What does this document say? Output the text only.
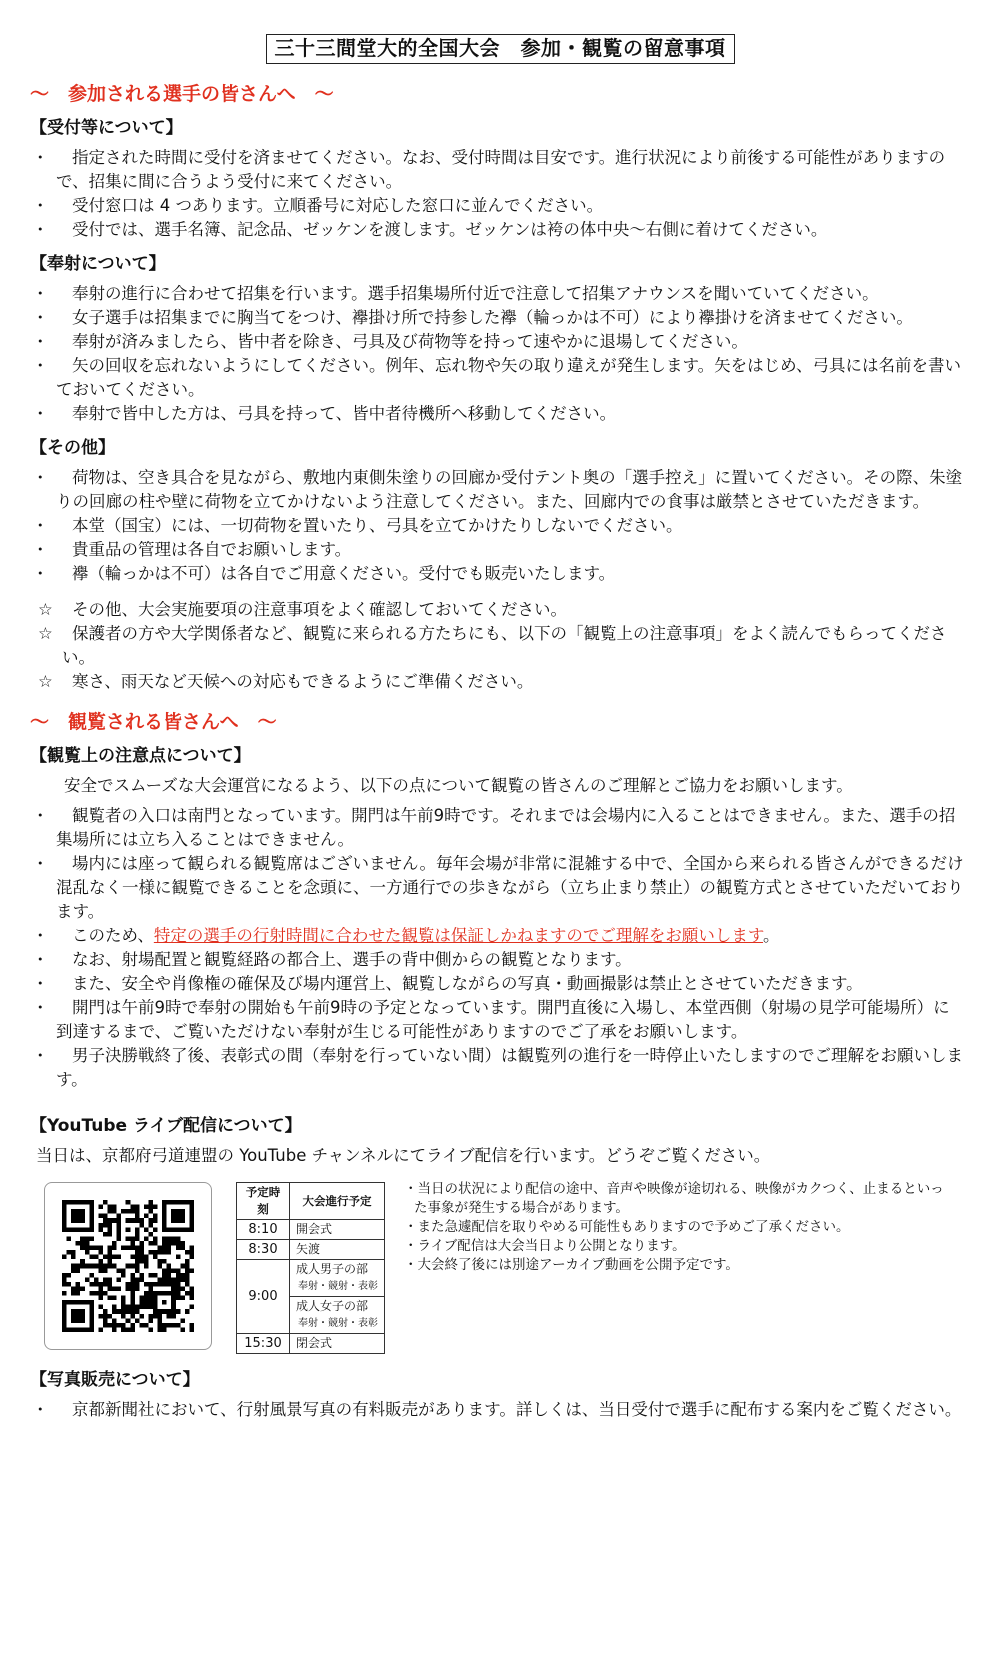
三十三間堂大的全国大会　参加・観覧の留意事項
～　参加される選手の皆さんへ　～
【受付等について】
・	指定された時間に受付を済ませてください。なお、受付時間は目安です。進行状況により前後する可能性がありますので、招集に間に合うよう受付に来てください。
・	受付窓口は 4 つあります。立順番号に対応した窓口に並んでください。
・	受付では、選手名簿、記念品、ゼッケンを渡します。ゼッケンは袴の体中央～右側に着けてください。
【奉射について】
・	奉射の進行に合わせて招集を行います。選手招集場所付近で注意して招集アナウンスを聞いていてください。
・	女子選手は招集までに胸当てをつけ、襷掛け所で持参した襷（輪っかは不可）により襷掛けを済ませてください。
・	奉射が済みましたら、皆中者を除き、弓具及び荷物等を持って速やかに退場してください。
・	矢の回収を忘れないようにしてください。例年、忘れ物や矢の取り違えが発生します。矢をはじめ、弓具には名前を書いておいてください。
・	奉射で皆中した方は、弓具を持って、皆中者待機所へ移動してください。
【その他】
・	荷物は、空き具合を見ながら、敷地内東側朱塗りの回廊か受付テント奥の「選手控え」に置いてください。その際、朱塗りの回廊の柱や壁に荷物を立てかけないよう注意してください。また、回廊内での食事は厳禁とさせていただきます。
・	本堂（国宝）には、一切荷物を置いたり、弓具を立てかけたりしないでください。
・	貴重品の管理は各自でお願いします。
・	襷（輪っかは不可）は各自でご用意ください。受付でも販売いたします。
☆	その他、大会実施要項の注意事項をよく確認しておいてください。
☆	保護者の方や大学関係者など、観覧に来られる方たちにも、以下の「観覧上の注意事項」をよく読んでもらってください。
☆	寒さ、雨天など天候への対応もできるようにご準備ください。
～　観覧される皆さんへ　～
【観覧上の注意点について】
安全でスムーズな大会運営になるよう、以下の点について観覧の皆さんのご理解とご協力をお願いします。
・	観覧者の入口は南門となっています。開門は午前9時です。それまでは会場内に入ることはできません。また、選手の招集場所には立ち入ることはできません。
・	場内には座って観られる観覧席はございません。毎年会場が非常に混雑する中で、全国から来られる皆さんができるだけ混乱なく一様に観覧できることを念頭に、一方通行での歩きながら（立ち止まり禁止）の観覧方式とさせていただいております。
・	このため、特定の選手の行射時間に合わせた観覧は保証しかねますのでご理解をお願いします。
・	なお、射場配置と観覧経路の都合上、選手の背中側からの観覧となります。
・	また、安全や肖像権の確保及び場内運営上、観覧しながらの写真・動画撮影は禁止とさせていただきます。
・	開門は午前9時で奉射の開始も午前9時の予定となっています。開門直後に入場し、本堂西側（射場の見学可能場所）に到達するまで、ご覧いただけない奉射が生じる可能性がありますのでご了承をお願いします。
・	男子決勝戦終了後、表彰式の間（奉射を行っていない間）は観覧列の進行を一時停止いたしますのでご理解をお願いします。
【YouTube ライブ配信について】
当日は、京都府弓道連盟の YouTube チャンネルにてライブ配信を行います。どうぞご覧ください。
予定時刻	大会進行予定
8:10	開会式
8:30	矢渡
9:00	成人男子の部
奉射・競射・表彰

	成人女子の部
奉射・競射・表彰

15:30	閉会式
・当日の状況により配信の途中、音声や映像が途切れる、映像がカクつく、止まるといった事象が発生する場合があります。
・また急遽配信を取りやめる可能性もありますので予めご了承ください。
・ライブ配信は大会当日より公開となります。
・大会終了後には別途アーカイブ動画を公開予定です。
【写真販売について】
・	京都新聞社において、行射風景写真の有料販売があります。詳しくは、当日受付で選手に配布する案内をご覧ください。
